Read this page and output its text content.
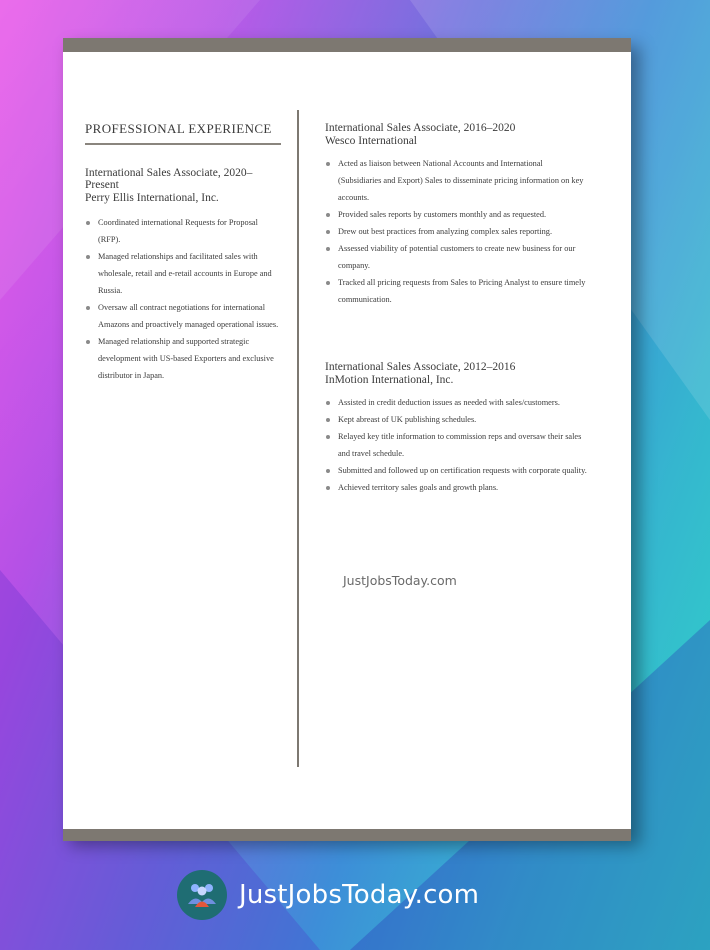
PROFESSIONAL EXPERIENCE
International Sales Associate, 2020–Present
Perry Ellis International, Inc.
Coordinated international Requests for Proposal (RFP).
Managed relationships and facilitated sales with wholesale, retail and e-retail accounts in Europe and Russia.
Oversaw all contract negotiations for international Amazons and proactively managed operational issues.
Managed relationship and supported strategic development with US-based Exporters and exclusive distributor in Japan.
International Sales Associate, 2016–2020
Wesco International
Acted as liaison between National Accounts and International (Subsidiaries and Export) Sales to disseminate pricing information on key accounts.
Provided sales reports by customers monthly and as requested.
Drew out best practices from analyzing complex sales reporting.
Assessed viability of potential customers to create new business for our company.
Tracked all pricing requests from Sales to Pricing Analyst to ensure timely communication.
International Sales Associate, 2012–2016
InMotion International, Inc.
Assisted in credit deduction issues as needed with sales/customers.
Kept abreast of UK publishing schedules.
Relayed key title information to commission reps and oversaw their sales and travel schedule.
Submitted and followed up on certification requests with corporate quality.
Achieved territory sales goals and growth plans.
JustJobsToday.com
JustJobsToday.com
